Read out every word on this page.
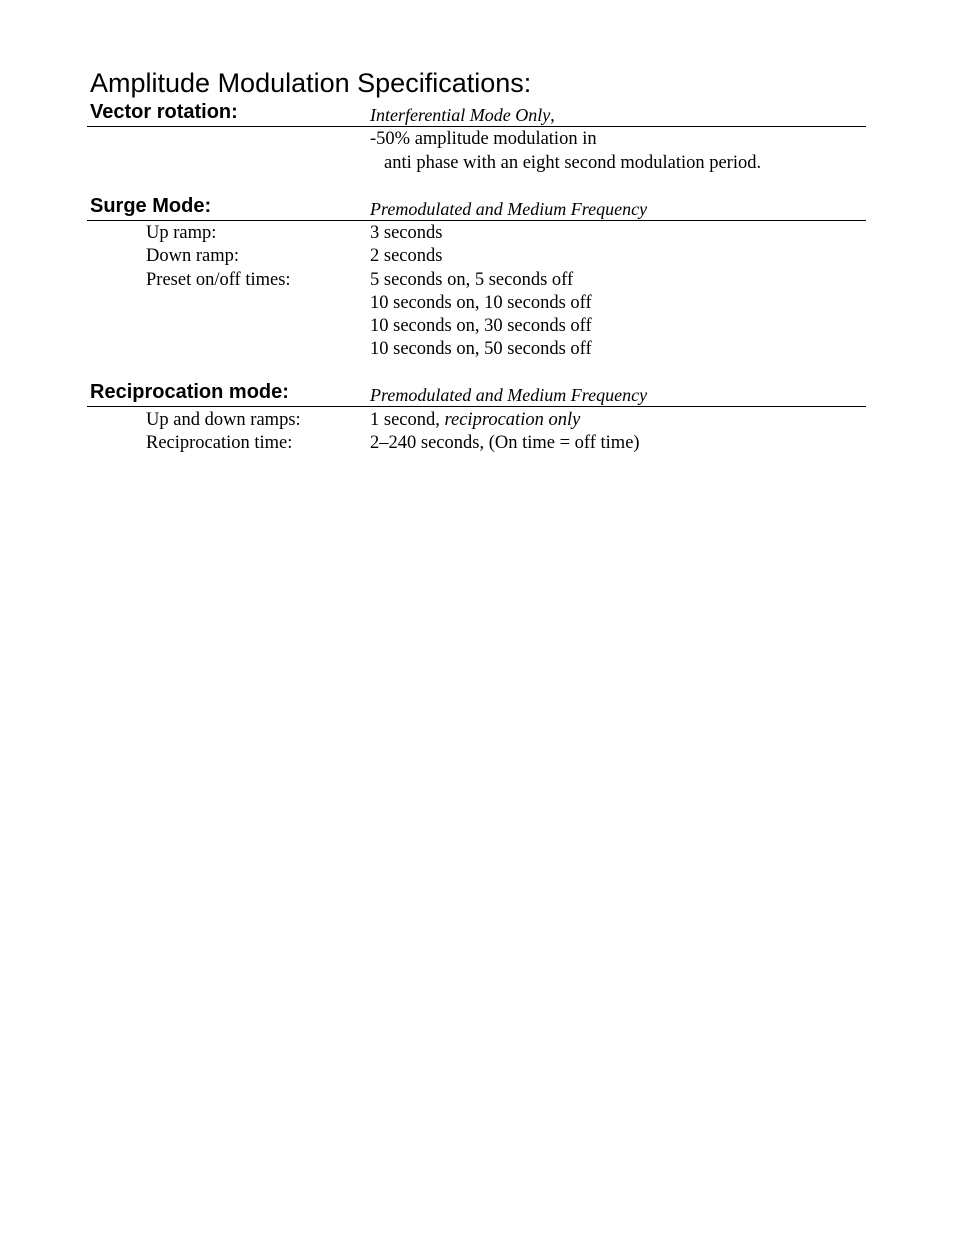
Amplitude Modulation Specifications:
Vector rotation:	Interferential Mode Only,
-50% amplitude modulation in
anti phase with an eight second modulation period.
Surge Mode:	Premodulated and Medium Frequency
Up ramp:	3 seconds
Down ramp:	2 seconds
Preset on/off times:	5 seconds on, 5 seconds off
10 seconds on, 10 seconds off
10 seconds on, 30 seconds off
10 seconds on, 50 seconds off
Reciprocation mode:	Premodulated and Medium Frequency
Up and down ramps:	1 second, reciprocation only
Reciprocation time:	2–240 seconds, (On time = off time)
